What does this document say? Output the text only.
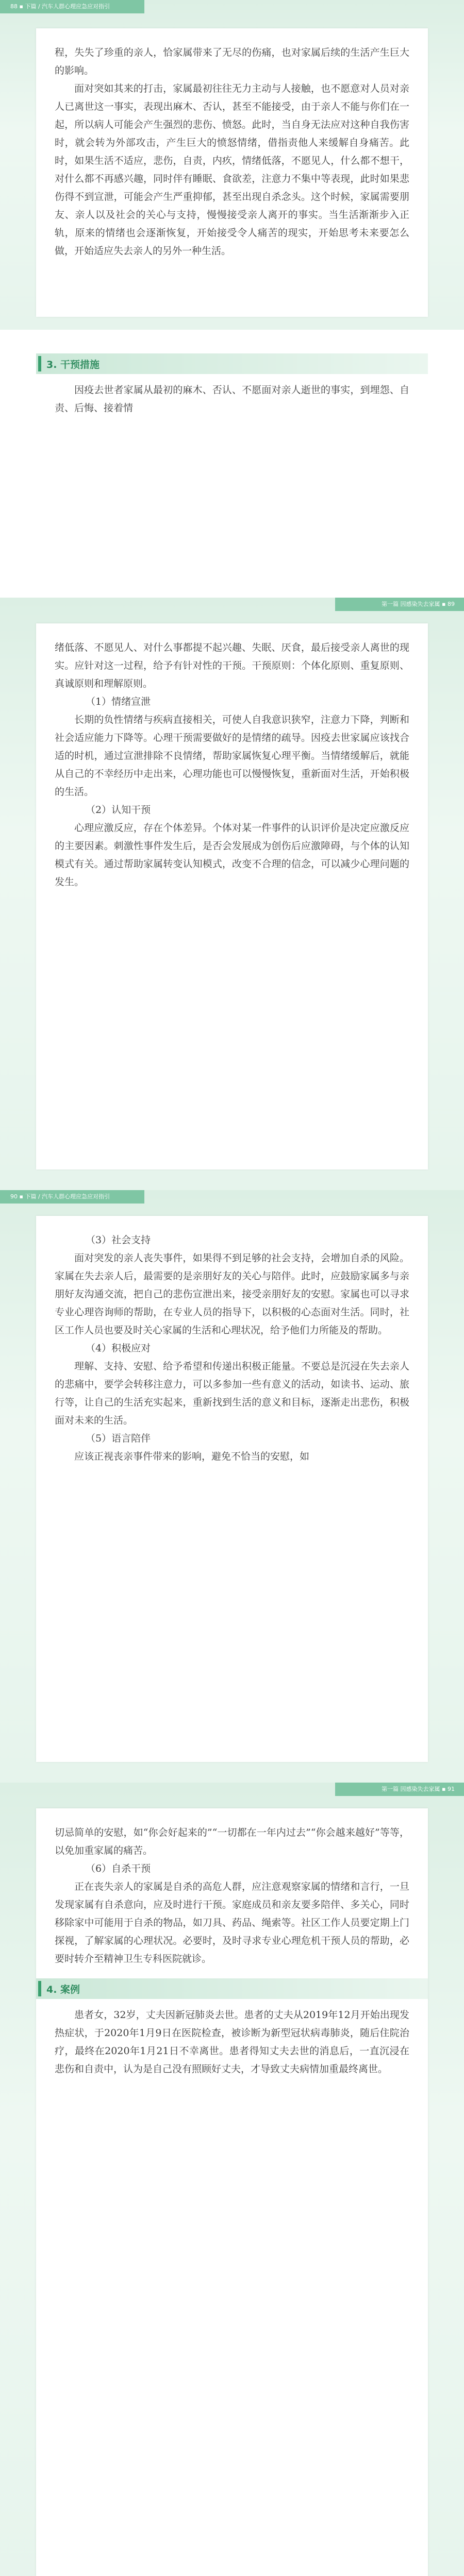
88 ▪ 下篇 / 汽车人群心理应急应对指引

程，失失了珍重的亲人，恰家属带来了无尽的伤痛，也对家属后续的生活产生巨大的影响。

面对突如其来的打击，家属最初往往无力主动与人接触，也不愿意对人员对亲人已离世这一事实，表现出麻木、否认，甚至不能接受，由于亲人不能与你们在一起，所以病人可能会产生强烈的悲伤、愤怒。此时，当自身无法应对这种自我伤害时，就会转为外部攻击，产生巨大的愤怒情绪，借指责他人来缓解自身痛苦。此时，如果生活不适应，悲伤，自责，内疚，情绪低落，不愿见人，什么都不想干，对什么都不再感兴趣，同时伴有睡眠、食欲差，注意力不集中等表现，此时如果悲伤得不到宣泄，可能会产生严重抑郁，甚至出现自杀念头。这个时候，家属需要朋友、亲人以及社会的关心与支持，慢慢接受亲人离开的事实。当生活渐渐步入正轨，原来的情绪也会逐渐恢复，开始接受令人痛苦的现实，开始思考未来要怎么做，开始适应失去亲人的另外一种生活。

3. 干预措施

因疫去世者家属从最初的麻木、否认、不愿面对亲人逝世的事实，到埋怨、自责、后悔、接着情

第一篇 因感染失去家属 ▪ 89

绪低落、不愿见人、对什么事都提不起兴趣、失眠、厌食，最后接受亲人离世的现实。应针对这一过程，给予有针对性的干预。干预原则：个体化原则、重复原则、真诚原则和理解原则。

（1）情绪宣泄

长期的负性情绪与疾病直接相关，可使人自我意识狭窄，注意力下降，判断和社会适应能力下降等。心理干预需要做好的是情绪的疏导。因疫去世家属应该找合适的时机，通过宣泄排除不良情绪，帮助家属恢复心理平衡。当情绪缓解后，就能从自己的不幸经历中走出来，心理功能也可以慢慢恢复，重新面对生活，开始积极的生活。

（2）认知干预

心理应激反应，存在个体差异。个体对某一件事件的认识评价是决定应激反应的主要因素。刺激性事件发生后，是否会发展成为创伤后应激障碍，与个体的认知模式有关。通过帮助家属转变认知模式，改变不合理的信念，可以减少心理问题的发生。

90 ▪ 下篇 / 汽车人群心理应急应对指引

（3）社会支持

面对突发的亲人丧失事件，如果得不到足够的社会支持，会增加自杀的风险。家属在失去亲人后，最需要的是亲朋好友的关心与陪伴。此时，应鼓励家属多与亲朋好友沟通交流，把自己的悲伤宣泄出来，接受亲朋好友的安慰。家属也可以寻求专业心理咨询师的帮助，在专业人员的指导下，以积极的心态面对生活。同时，社区工作人员也要及时关心家属的生活和心理状况，给予他们力所能及的帮助。

（4）积极应对

理解、支持、安慰、给予希望和传递出积极正能量。不要总是沉浸在失去亲人的悲痛中，要学会转移注意力，可以多参加一些有意义的活动，如读书、运动、旅行等，让自己的生活充实起来，重新找到生活的意义和目标，逐渐走出悲伤，积极面对未来的生活。

（5）语言陪伴

应该正视丧亲事件带来的影响，避免不恰当的安慰，如

第一篇 因感染失去家属 ▪ 91

切忌简单的安慰，如“你会好起来的”“一切都在一年内过去”“你会越来越好”等等，以免加重家属的痛苦。

（6）自杀干预

正在丧失亲人的家属是自杀的高危人群，应注意观察家属的情绪和言行，一旦发现家属有自杀意向，应及时进行干预。家庭成员和亲友要多陪伴、多关心，同时移除家中可能用于自杀的物品，如刀具、药品、绳索等。社区工作人员要定期上门探视，了解家属的心理状况。必要时，及时寻求专业心理危机干预人员的帮助，必要时转介至精神卫生专科医院就诊。

4. 案例

患者女，32岁，丈夫因新冠肺炎去世。患者的丈夫从2019年12月开始出现发热症状，于2020年1月9日在医院检查，被诊断为新型冠状病毒肺炎，随后住院治疗，最终在2020年1月21日不幸离世。患者得知丈夫去世的消息后，一直沉浸在悲伤和自责中，认为是自己没有照顾好丈夫，才导致丈夫病情加重最终离世。
